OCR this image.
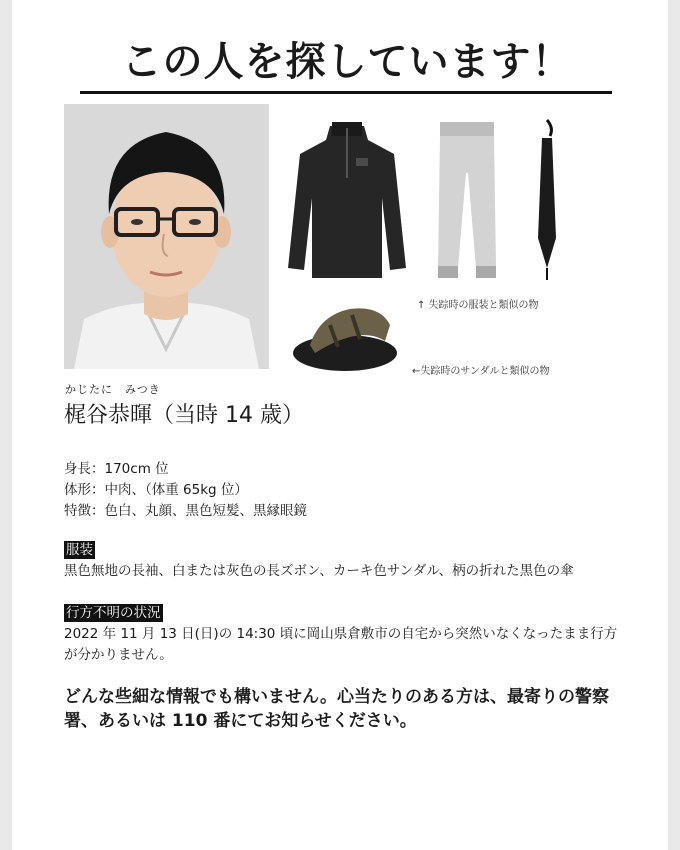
この人を探しています！
↑ 失踪時の服装と類似の物
←失踪時のサンダルと類似の物
かじたに　みつき
梶谷恭暉（当時 14 歳）
身長：170cm 位
体形：中肉、（体重 65kg 位）
特徴：色白、丸顔、黒色短髪、黒縁眼鏡
服装
黒色無地の長袖、白または灰色の長ズボン、カーキ色サンダル、柄の折れた黒色の傘
行方不明の状況
2022 年 11 月 13 日(日)の 14:30 頃に岡山県倉敷市の自宅から突然いなくなったまま行方が分かりません。
どんな些細な情報でも構いません。心当たりのある方は、最寄りの警察署、あるいは 110 番にてお知らせください。
